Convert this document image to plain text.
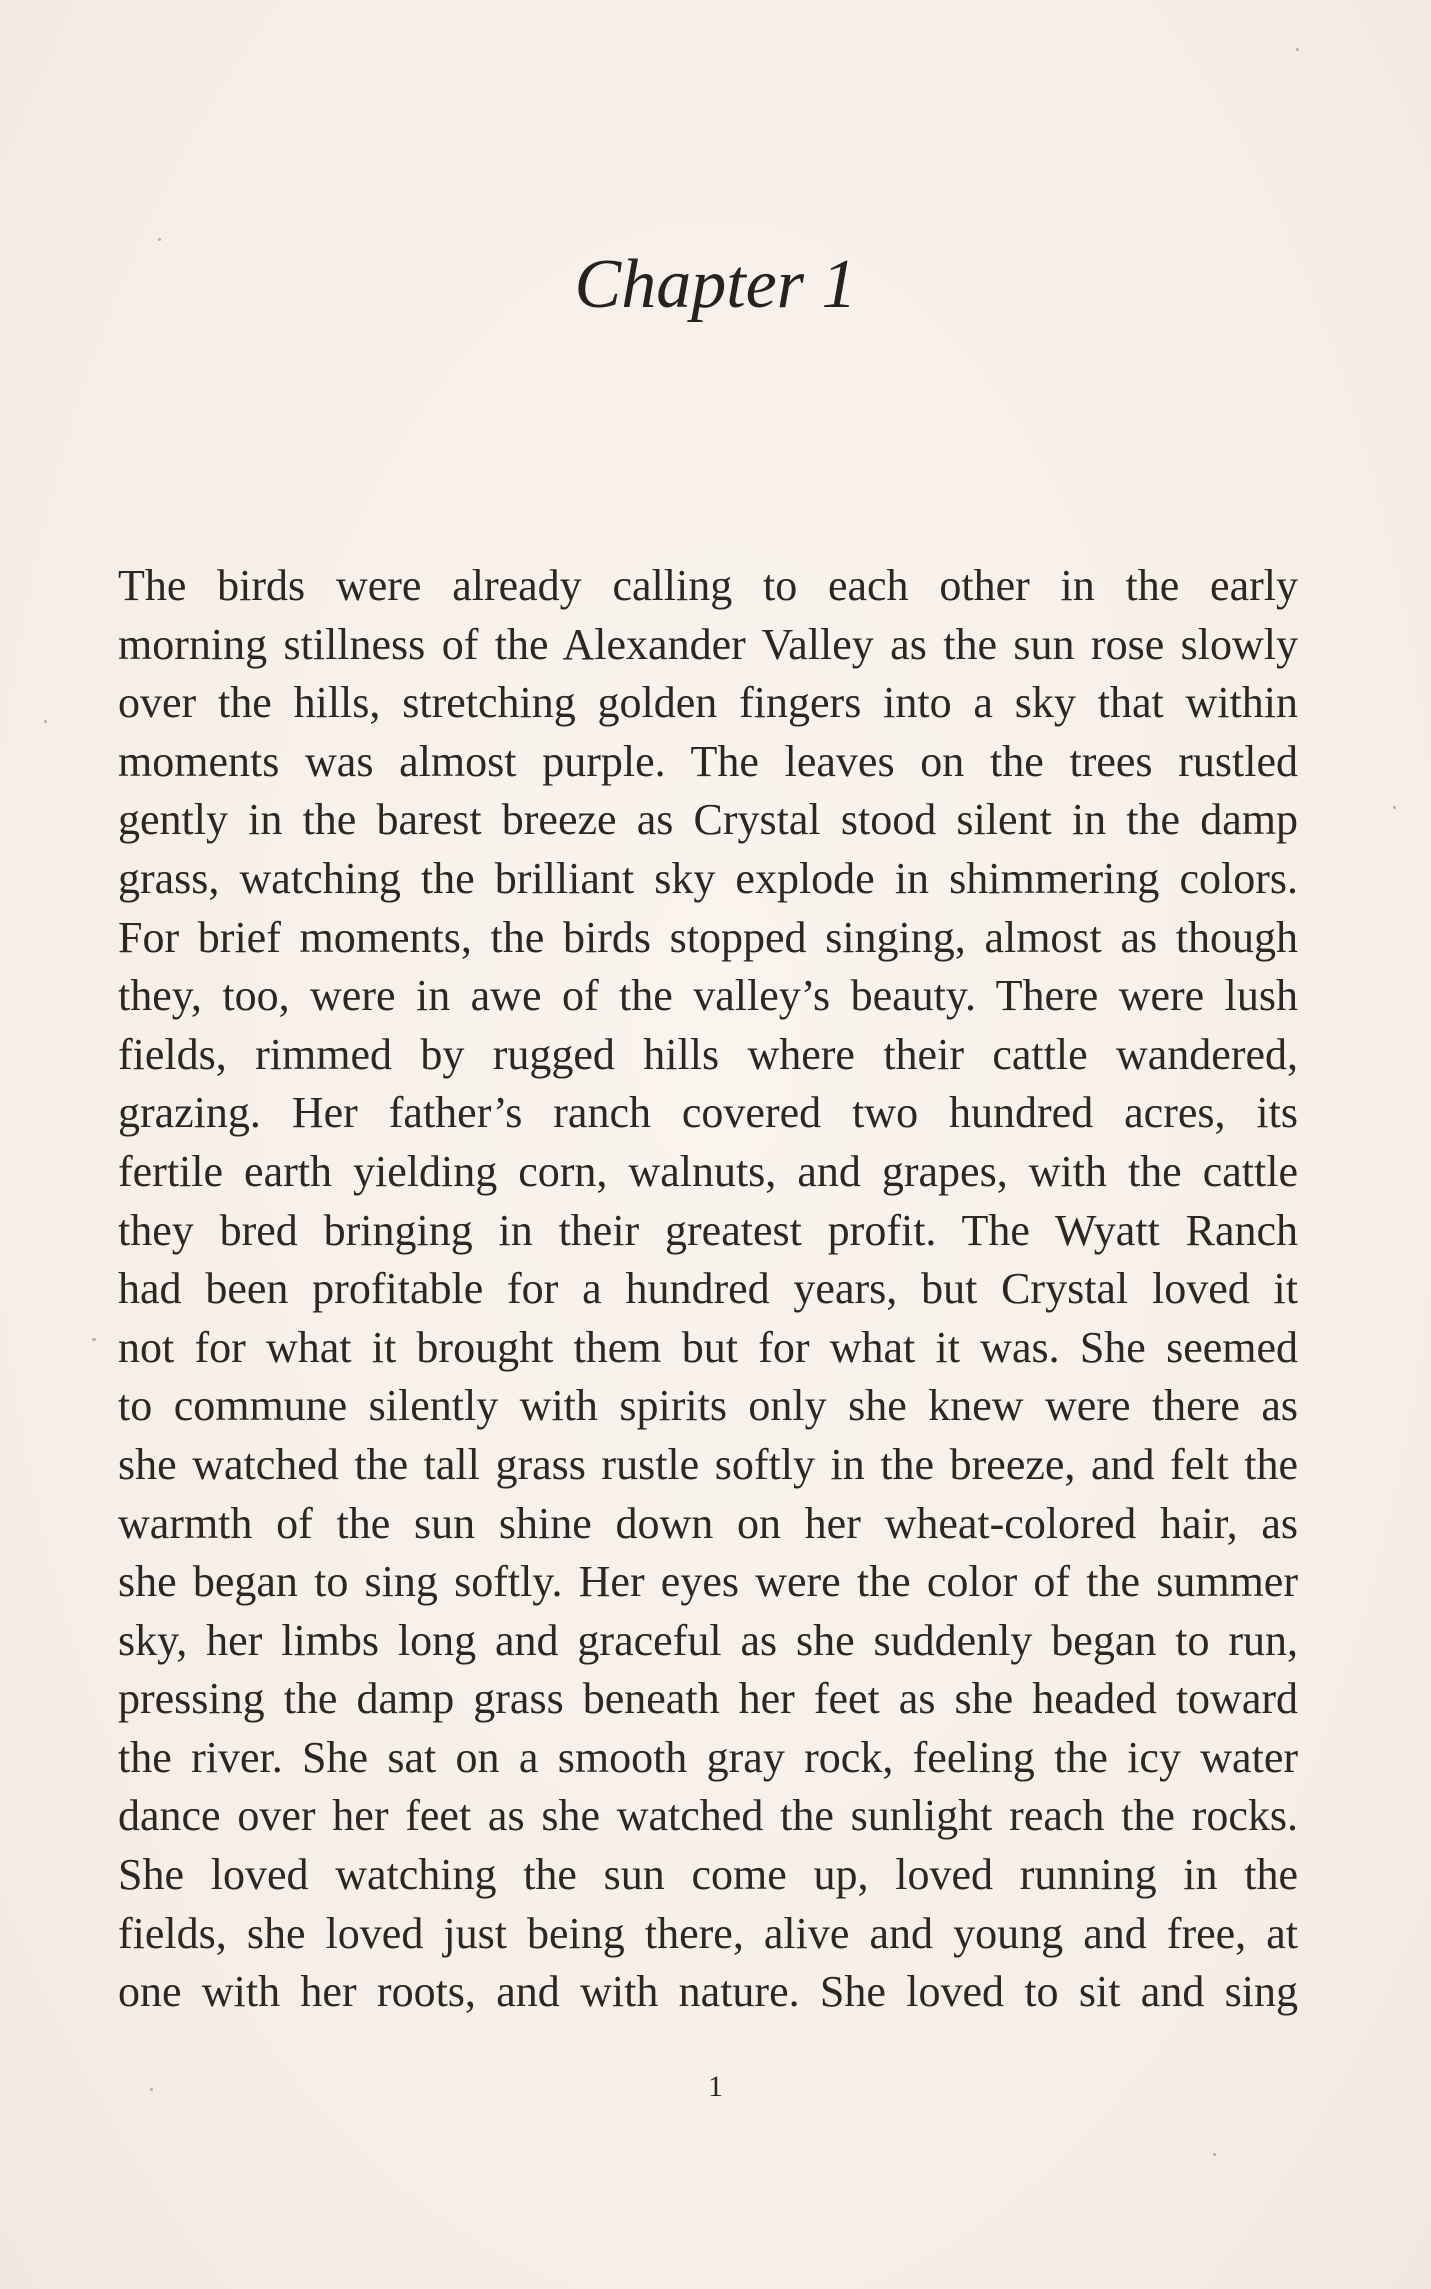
Chapter 1
The birds were already calling to each other in the early
morning stillness of the Alexander Valley as the sun rose slowly
over the hills, stretching golden fingers into a sky that within
moments was almost purple. The leaves on the trees rustled
gently in the barest breeze as Crystal stood silent in the damp
grass, watching the brilliant sky explode in shimmering colors.
For brief moments, the birds stopped singing, almost as though
they, too, were in awe of the valley’s beauty. There were lush
fields, rimmed by rugged hills where their cattle wandered,
grazing. Her father’s ranch covered two hundred acres, its
fertile earth yielding corn, walnuts, and grapes, with the cattle
they bred bringing in their greatest profit. The Wyatt Ranch
had been profitable for a hundred years, but Crystal loved it
not for what it brought them but for what it was. She seemed
to commune silently with spirits only she knew were there as
she watched the tall grass rustle softly in the breeze, and felt the
warmth of the sun shine down on her wheat-colored hair, as
she began to sing softly. Her eyes were the color of the summer
sky, her limbs long and graceful as she suddenly began to run,
pressing the damp grass beneath her feet as she headed toward
the river. She sat on a smooth gray rock, feeling the icy water
dance over her feet as she watched the sunlight reach the rocks.
She loved watching the sun come up, loved running in the
fields, she loved just being there, alive and young and free, at
one with her roots, and with nature. She loved to sit and sing
1
